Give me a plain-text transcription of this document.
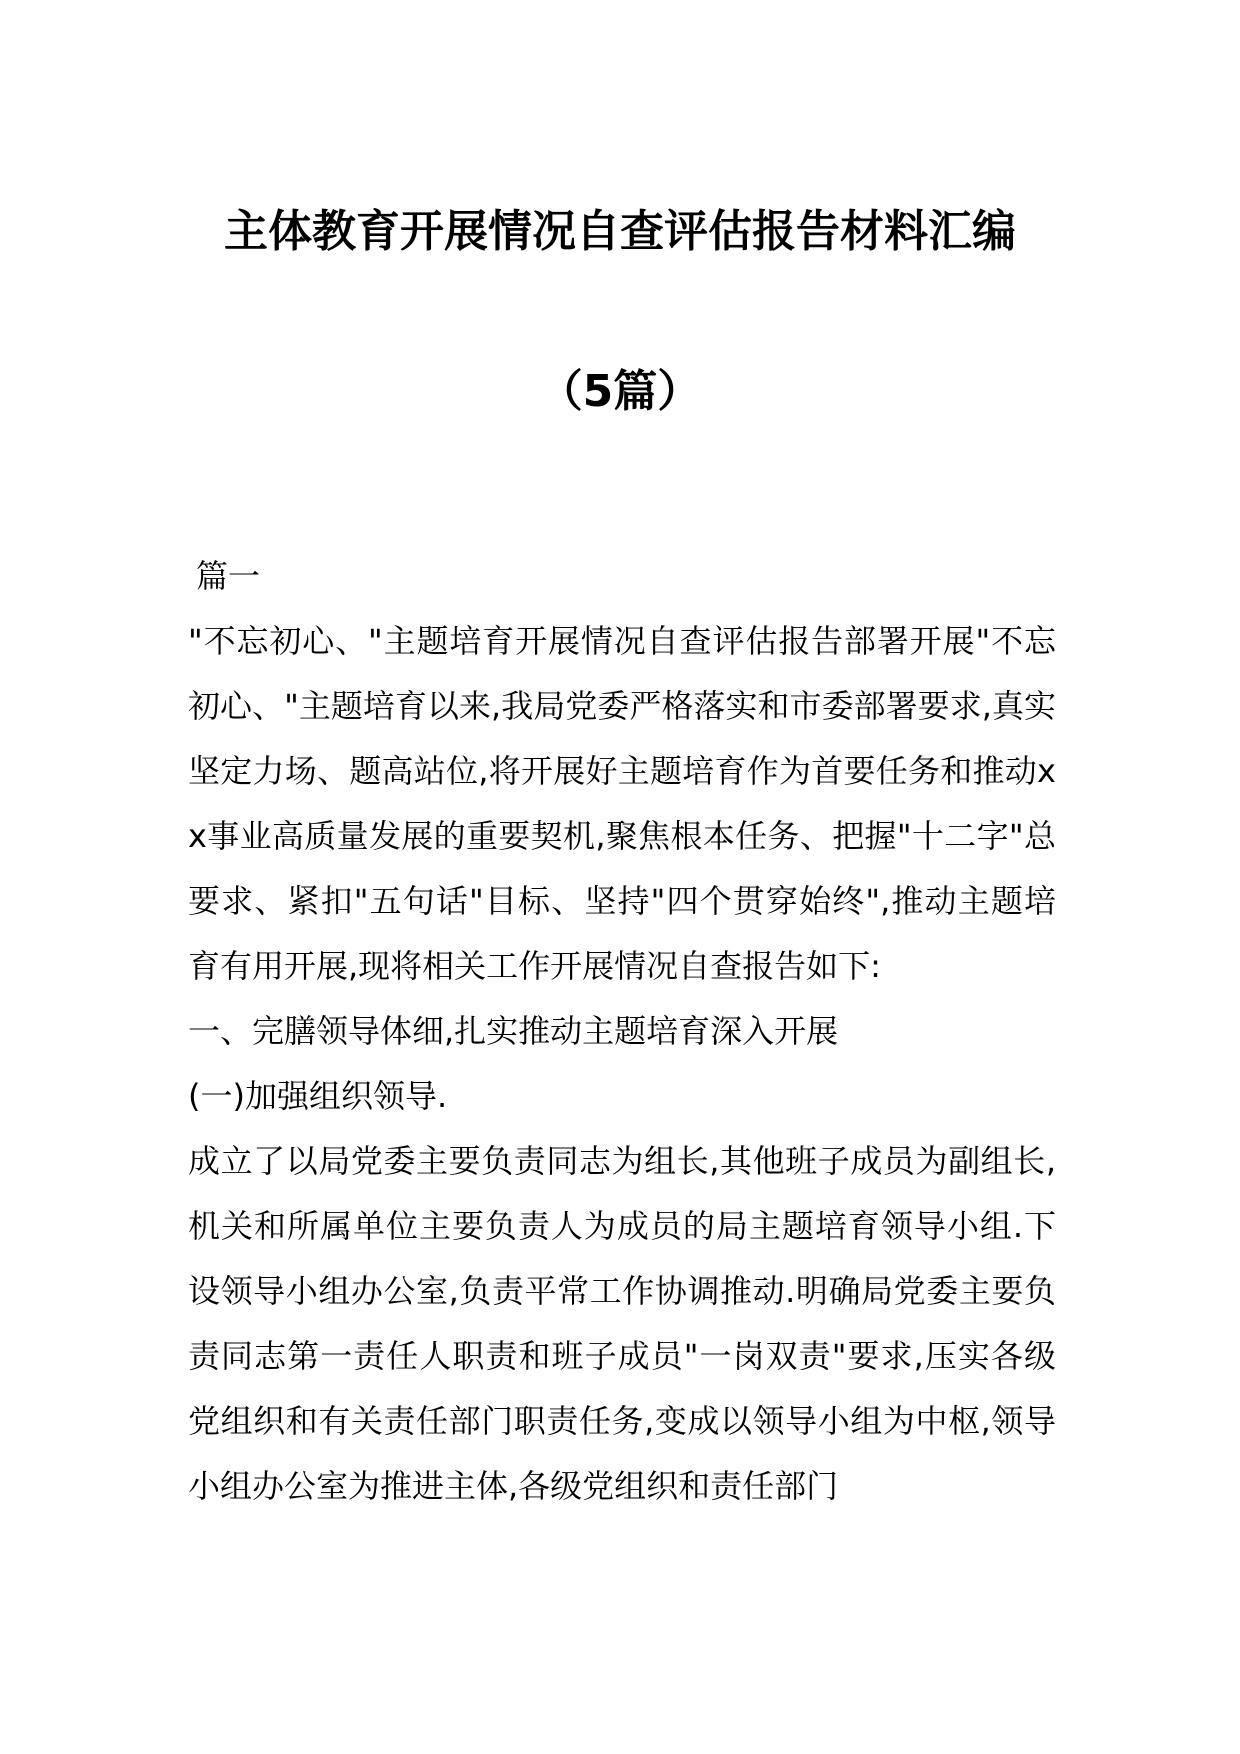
主体教育开展情况自查评估报告材料汇编
（5篇）

篇一

"不忘初心、"主题培育开展情况自查评估报告部署开展"不忘初心、"主题培育以来,我局党委严格落实和市委部署要求,真实坚定力场、题高站位,将开展好主题培育作为首要任务和推动xx事业高质量发展的重要契机,聚焦根本任务、把握"十二字"总要求、紧扣"五句话"目标、坚持"四个贯穿始终",推动主题培育有用开展,现将相关工作开展情况自查报告如下:

一、完膳领导体细,扎实推动主题培育深入开展

(一)加强组织领导.

成立了以局党委主要负责同志为组长,其他班子成员为副组长,机关和所属单位主要负责人为成员的局主题培育领导小组.下设领导小组办公室,负责平常工作协调推动.明确局党委主要负责同志第一责任人职责和班子成员"一岗双责"要求,压实各级党组织和有关责任部门职责任务,变成以领导小组为中枢,领导小组办公室为推进主体,各级党组织和责任部门
